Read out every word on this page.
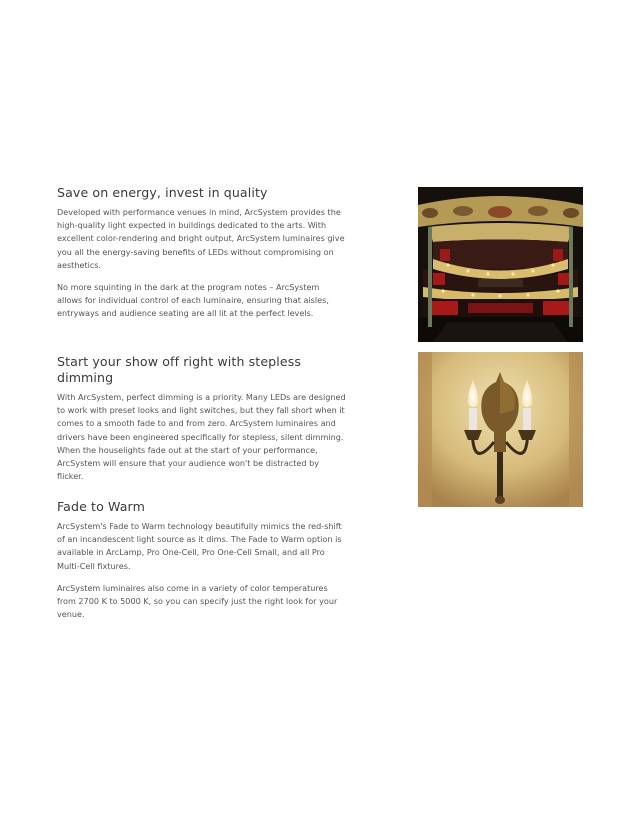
Save on energy, invest in quality

Developed with performance venues in mind, ArcSystem provides the high-quality light expected in buildings dedicated to the arts. With excellent color-rendering and bright output, ArcSystem luminaires give you all the energy-saving benefits of LEDs without compromising on aesthetics.

No more squinting in the dark at the program notes – ArcSystem allows for individual control of each luminaire, ensuring that aisles, entryways and audience seating are all lit at the perfect levels.

Start your show off right with stepless dimming

With ArcSystem, perfect dimming is a priority. Many LEDs are designed to work with preset looks and light switches, but they fall short when it comes to a smooth fade to and from zero. ArcSystem luminaires and drivers have been engineered specifically for stepless, silent dimming. When the houselights fade out at the start of your performance, ArcSystem will ensure that your audience won't be distracted by flicker.

Fade to Warm

ArcSystem's Fade to Warm technology beautifully mimics the red-shift of an incandescent light source as it dims. The Fade to Warm option is available in ArcLamp, Pro One-Cell, Pro One-Cell Small, and all Pro Multi-Cell fixtures.

ArcSystem luminaires also come in a variety of color temperatures from 2700 K to 5000 K, so you can specify just the right look for your venue.
